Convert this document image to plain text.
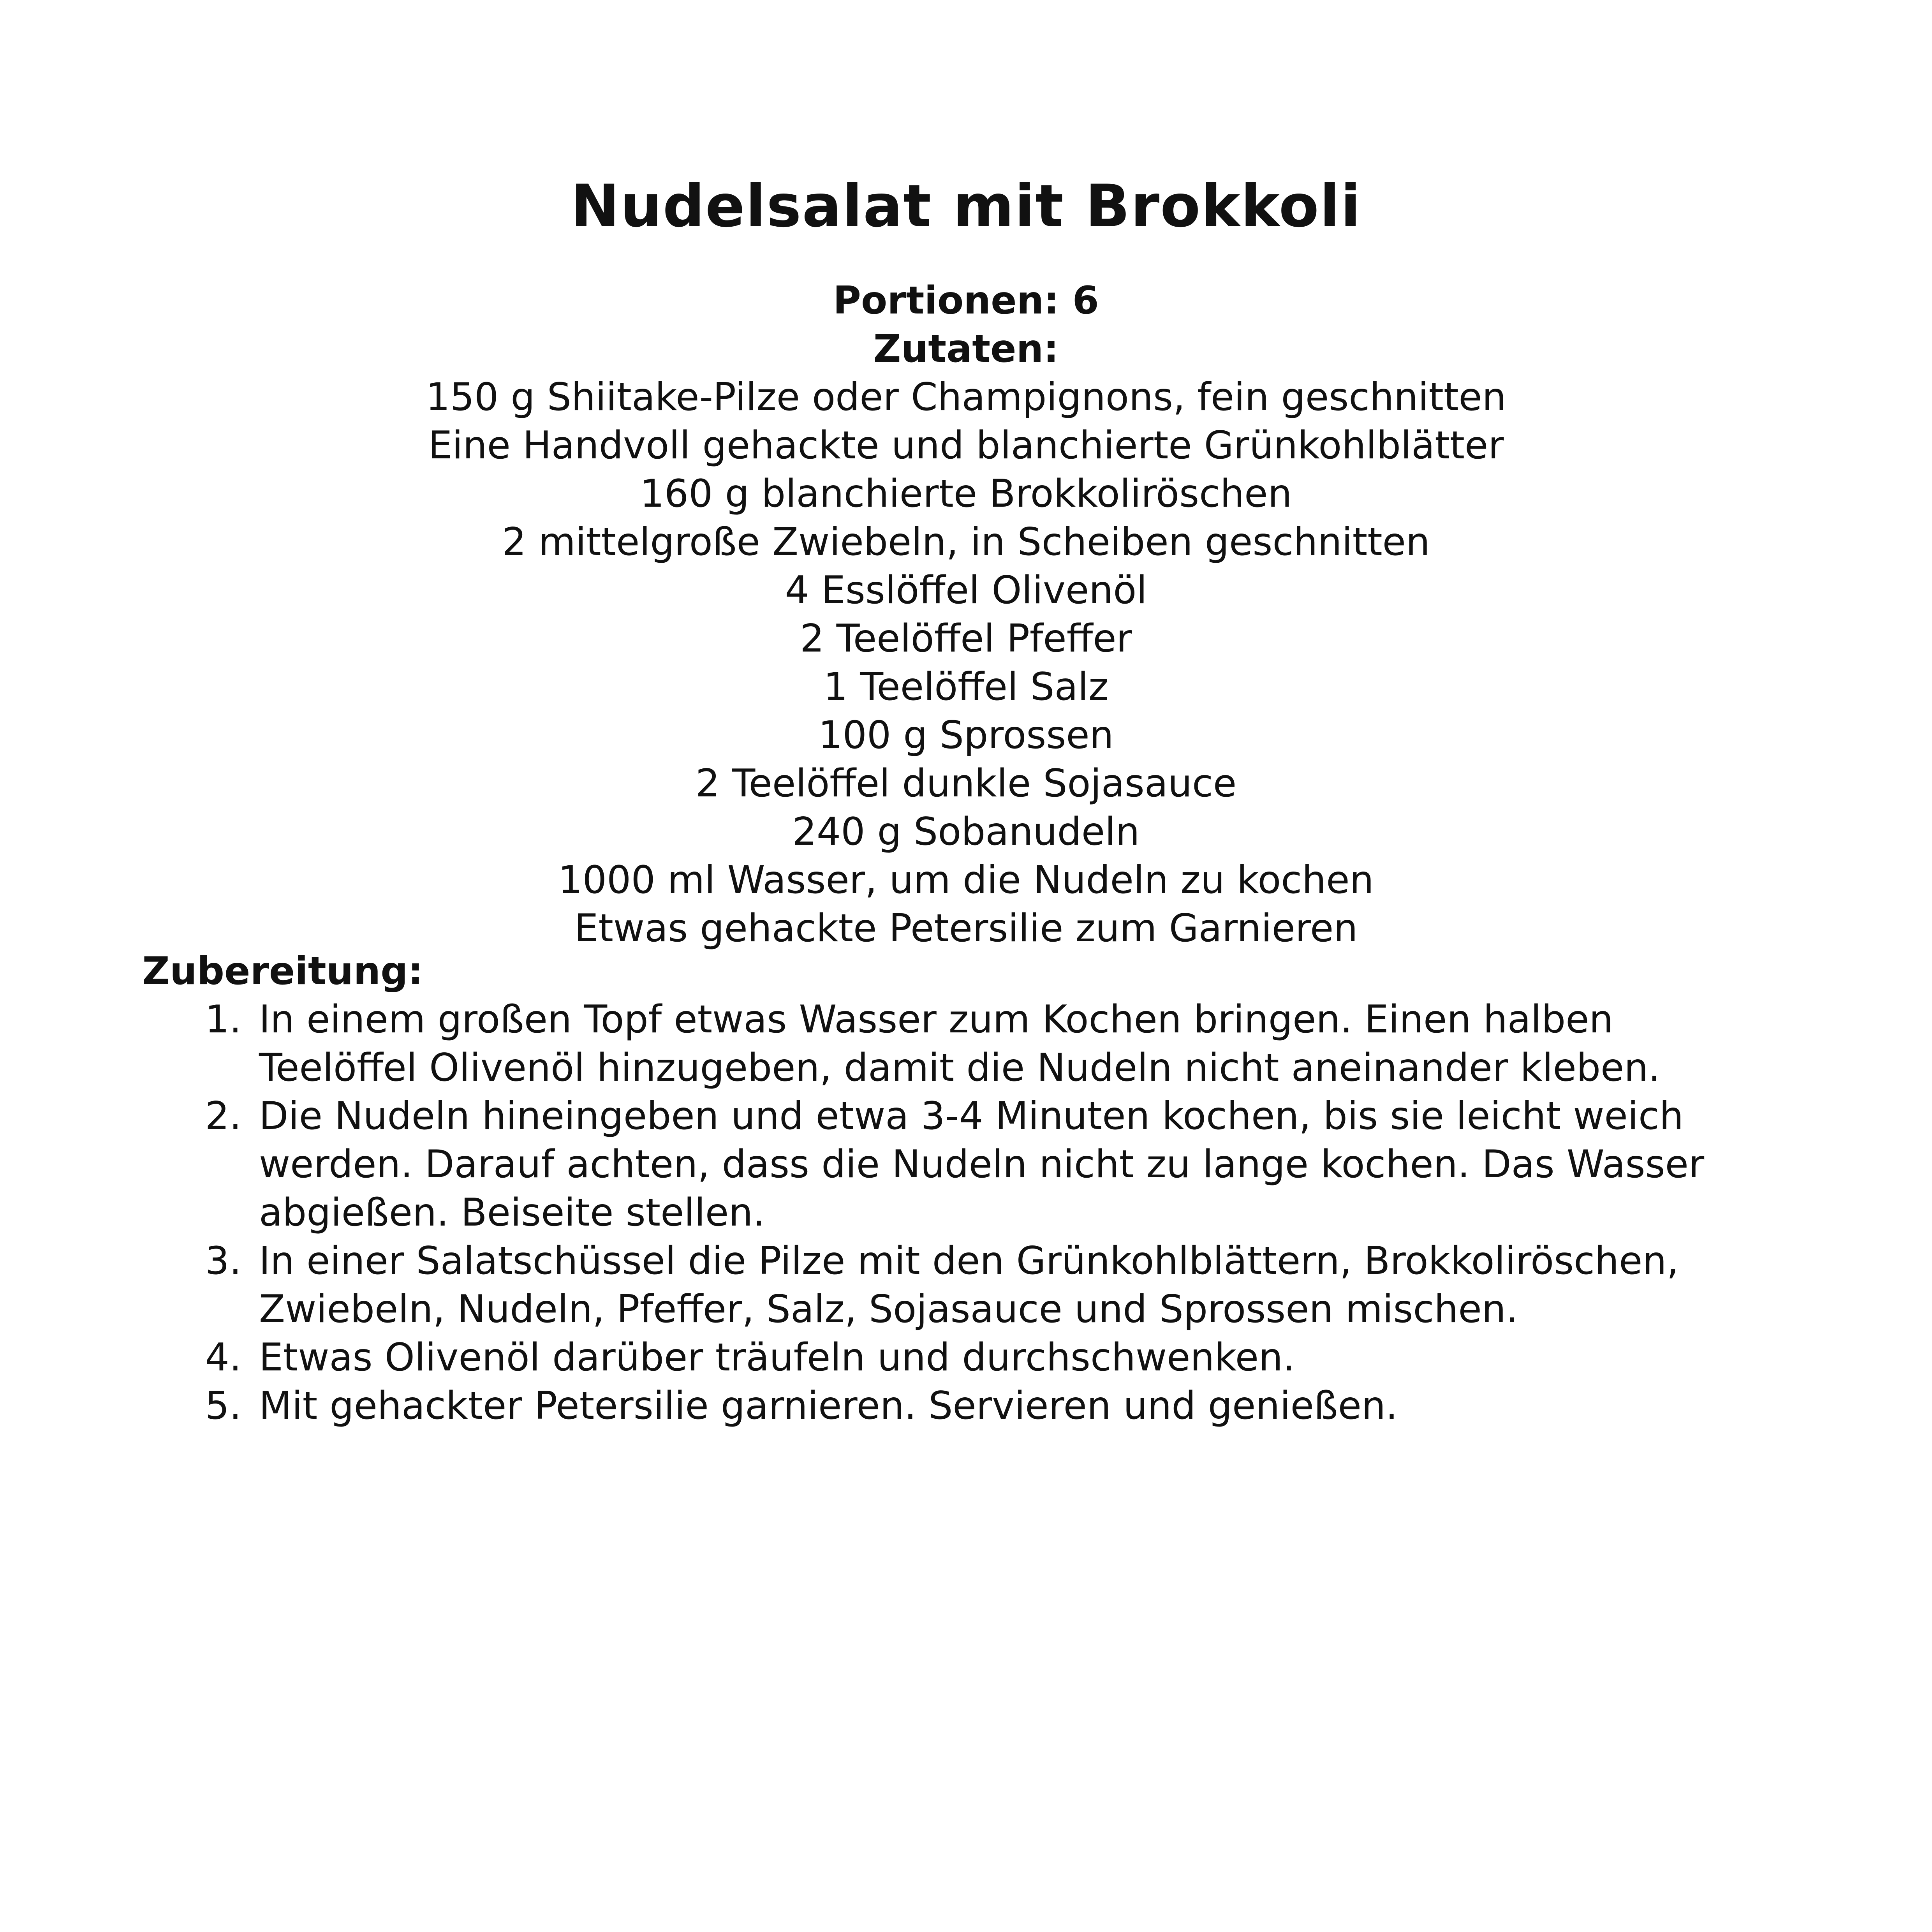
Nudelsalat mit Brokkoli
Portionen: 6
Zutaten:
150 g Shiitake-Pilze oder Champignons, fein geschnitten
Eine Handvoll gehackte und blanchierte Grünkohlblätter
160 g blanchierte Brokkoliröschen
2 mittelgroße Zwiebeln, in Scheiben geschnitten
4 Esslöffel Olivenöl
2 Teelöffel Pfeffer
1 Teelöffel Salz
100 g Sprossen
2 Teelöffel dunkle Sojasauce
240 g Sobanudeln
1000 ml Wasser, um die Nudeln zu kochen
Etwas gehackte Petersilie zum Garnieren
Zubereitung:
1. In einem großen Topf etwas Wasser zum Kochen bringen. Einen halben
Teelöffel Olivenöl hinzugeben, damit die Nudeln nicht aneinander kleben.
2. Die Nudeln hineingeben und etwa 3-4 Minuten kochen, bis sie leicht weich
werden. Darauf achten, dass die Nudeln nicht zu lange kochen. Das Wasser
abgießen. Beiseite stellen.
3. In einer Salatschüssel die Pilze mit den Grünkohlblättern, Brokkoliröschen,
Zwiebeln, Nudeln, Pfeffer, Salz, Sojasauce und Sprossen mischen.
4. Etwas Olivenöl darüber träufeln und durchschwenken.
5. Mit gehackter Petersilie garnieren. Servieren und genießen.
